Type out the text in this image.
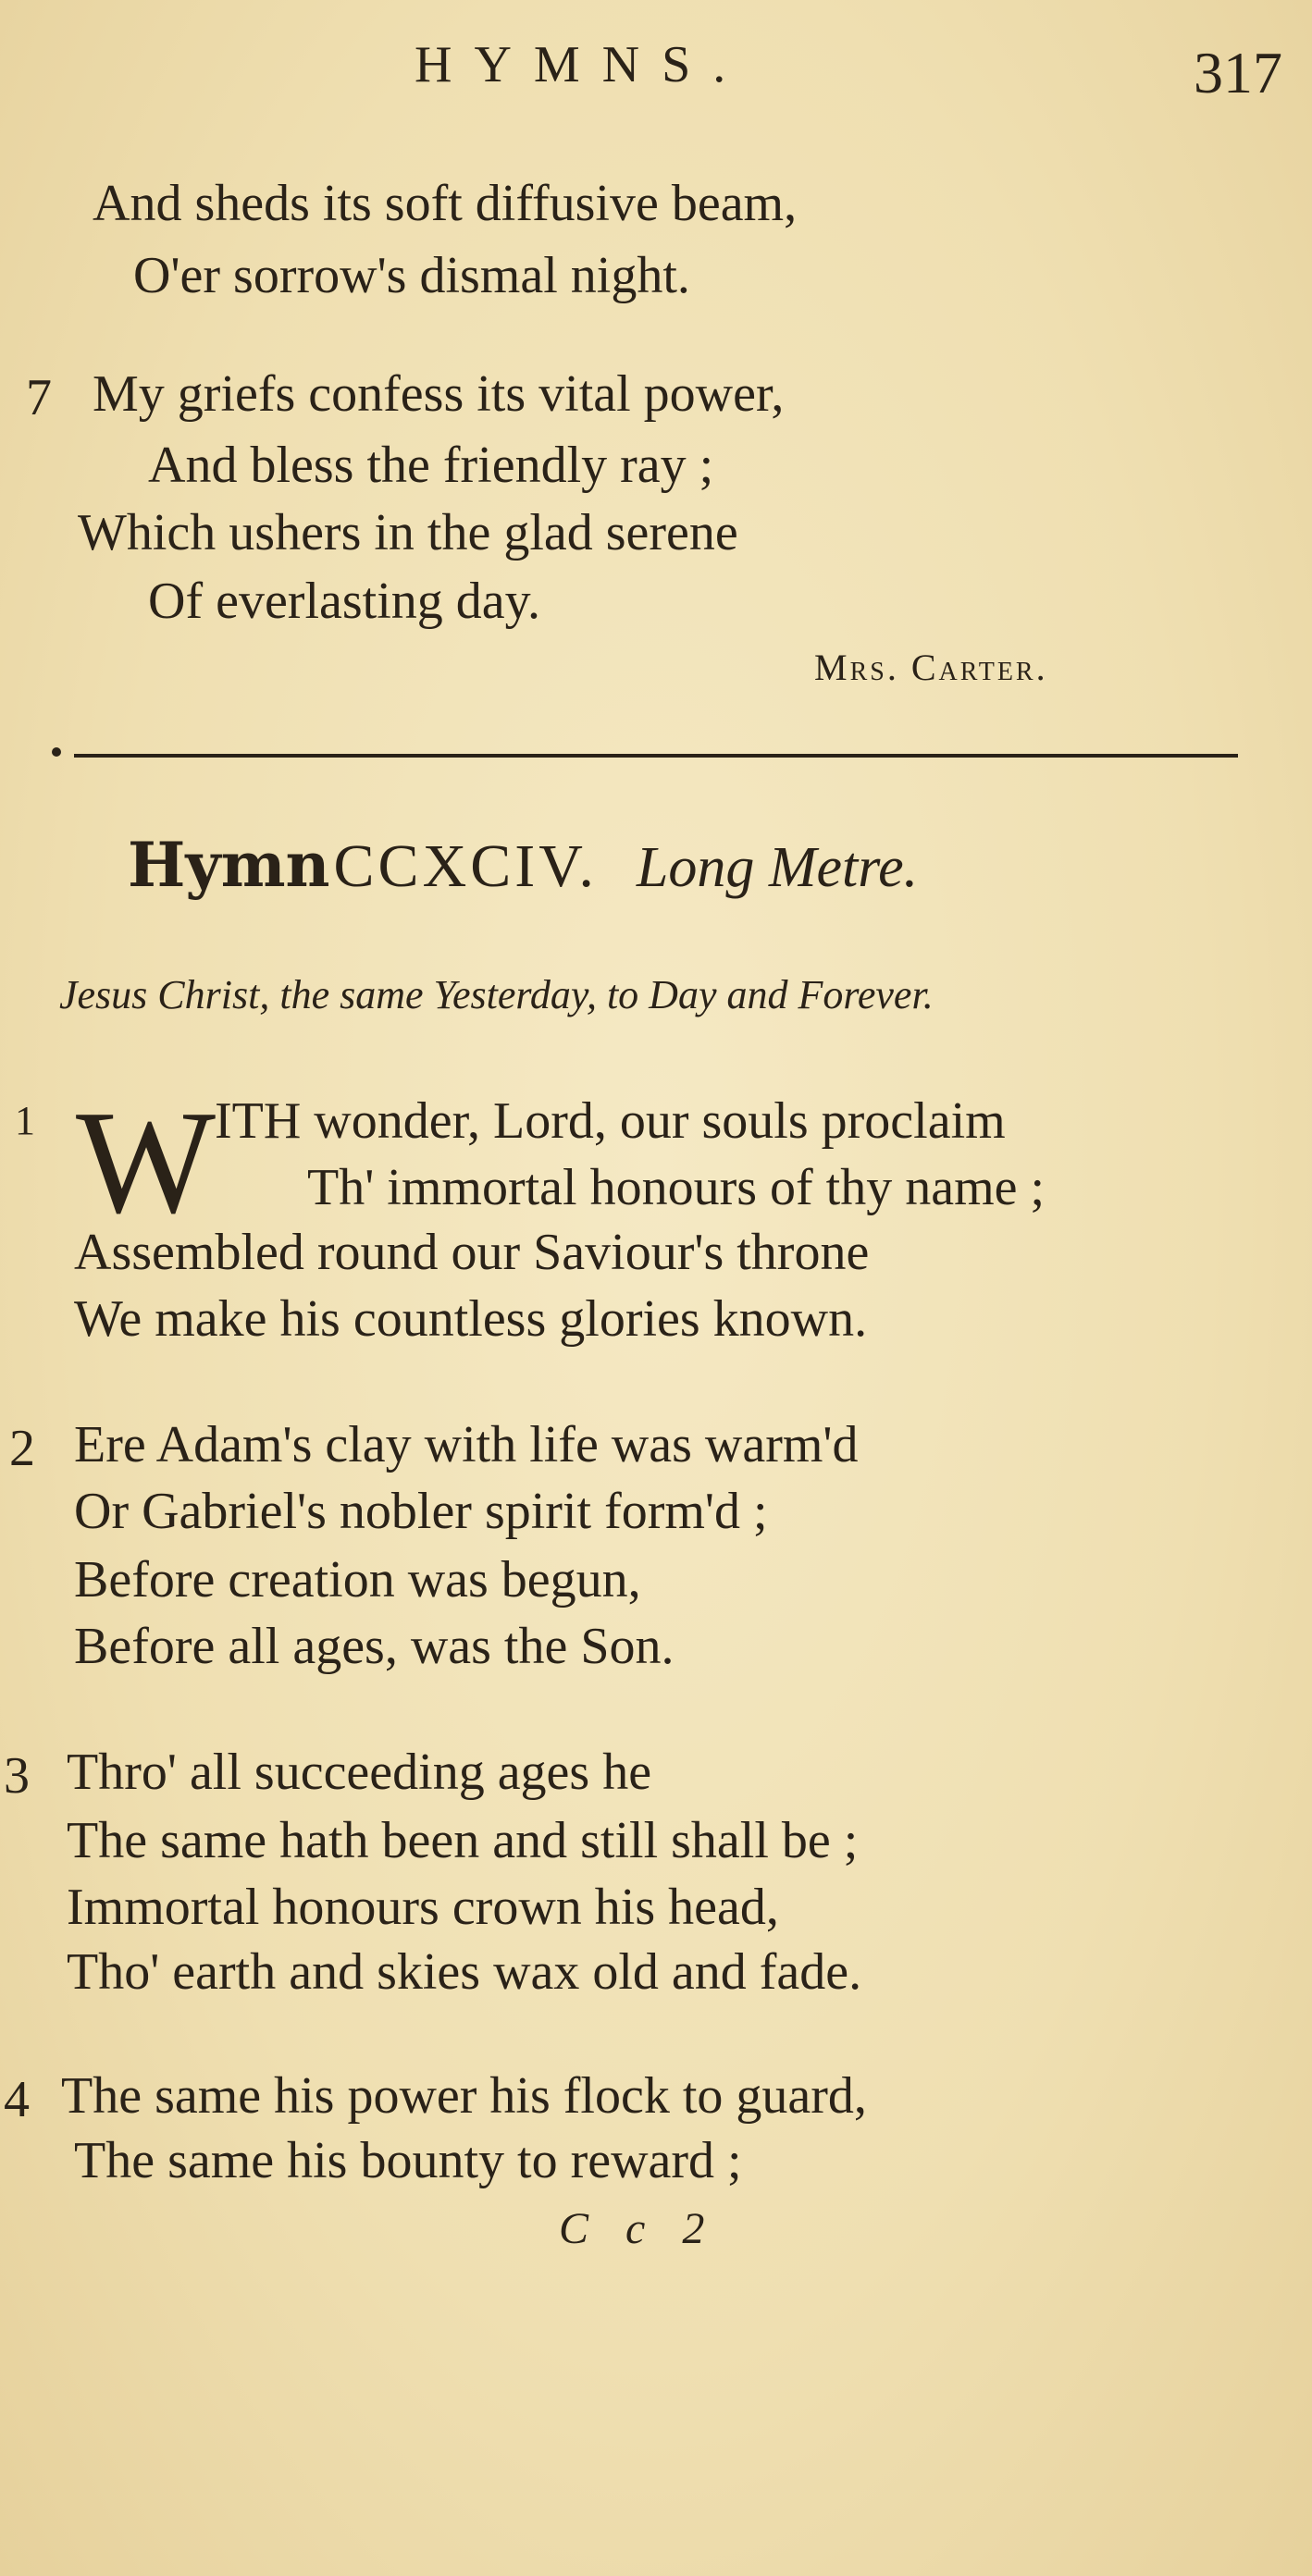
HYMNS.	317
And sheds its soft diffusive beam,
O'er sorrow's dismal night.
7 My griefs confess its vital power,
And bless the friendly ray ;
Which ushers in the glad serene
Of everlasting day.
Mrs. Carter.
Hymn CCXCIV. Long Metre.
Jesus Christ, the same Yesterday, to Day and Forever.
1 W
ITH wonder, Lord, our souls proclaim
Th' immortal honours of thy name ;
Assembled round our Saviour's throne
We make his countless glories known.
2 Ere Adam's clay with life was warm'd
Or Gabriel's nobler spirit form'd ;
Before creation was begun,
Before all ages, was the Son.
3 Thro' all succeeding ages he
The same hath been and still shall be ;
Immortal honours crown his head,
Tho' earth and skies wax old and fade.
4 The same his power his flock to guard,
The same his bounty to reward ;
C c 2
